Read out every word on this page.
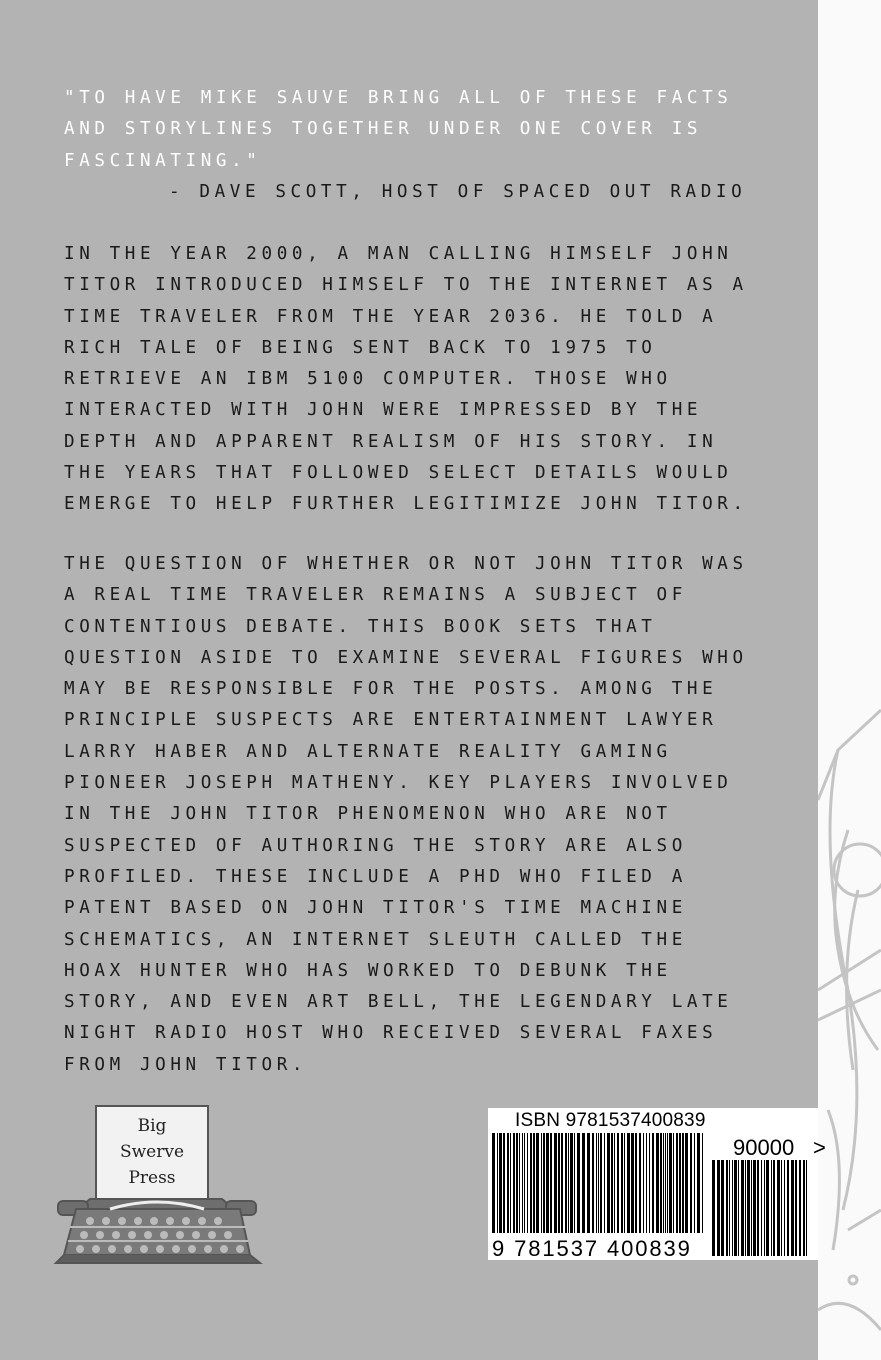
"TO HAVE MIKE SAUVE BRING ALL OF THESE FACTS
AND STORYLINES TOGETHER UNDER ONE COVER IS
FASCINATING."
- DAVE SCOTT, HOST OF SPACED OUT RADIO

IN THE YEAR 2000, A MAN CALLING HIMSELF JOHN
TITOR INTRODUCED HIMSELF TO THE INTERNET AS A
TIME TRAVELER FROM THE YEAR 2036. HE TOLD A
RICH TALE OF BEING SENT BACK TO 1975 TO
RETRIEVE AN IBM 5100 COMPUTER. THOSE WHO
INTERACTED WITH JOHN WERE IMPRESSED BY THE
DEPTH AND APPARENT REALISM OF HIS STORY. IN
THE YEARS THAT FOLLOWED SELECT DETAILS WOULD
EMERGE TO HELP FURTHER LEGITIMIZE JOHN TITOR.

THE QUESTION OF WHETHER OR NOT JOHN TITOR WAS
A REAL TIME TRAVELER REMAINS A SUBJECT OF
CONTENTIOUS DEBATE. THIS BOOK SETS THAT
QUESTION ASIDE TO EXAMINE SEVERAL FIGURES WHO
MAY BE RESPONSIBLE FOR THE POSTS. AMONG THE
PRINCIPLE SUSPECTS ARE ENTERTAINMENT LAWYER
LARRY HABER AND ALTERNATE REALITY GAMING
PIONEER JOSEPH MATHENY. KEY PLAYERS INVOLVED
IN THE JOHN TITOR PHENOMENON WHO ARE NOT
SUSPECTED OF AUTHORING THE STORY ARE ALSO
PROFILED. THESE INCLUDE A PHD WHO FILED A
PATENT BASED ON JOHN TITOR'S TIME MACHINE
SCHEMATICS, AN INTERNET SLEUTH CALLED THE
HOAX HUNTER WHO HAS WORKED TO DEBUNK THE
STORY, AND EVEN ART BELL, THE LEGENDARY LATE
NIGHT RADIO HOST WHO RECEIVED SEVERAL FAXES
FROM JOHN TITOR.

Big
Swerve
Press
ISBN 9781537400839
90000 >
9 781537 400839
